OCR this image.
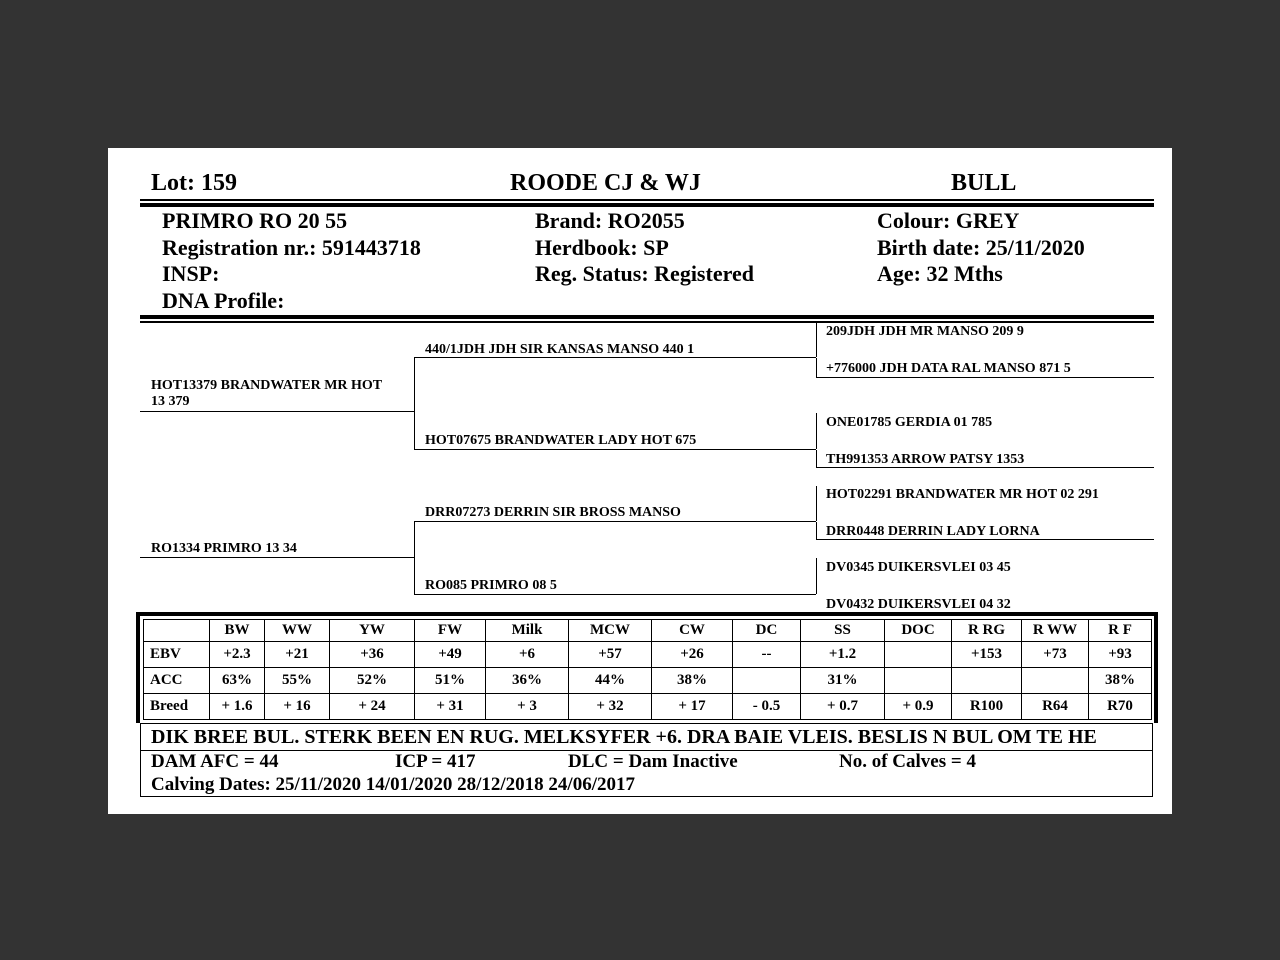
Lot: 159	ROODE CJ & WJ	BULL
PRIMRO RO 20 55
Registration nr.: 591443718
INSP:
DNA Profile:
Brand: RO2055
Herdbook: SP
Reg. Status: Registered
Colour: GREY
Birth date: 25/11/2020
Age: 32 Mths
HOT13379 BRANDWATER MR HOT 13 379
RO1334 PRIMRO 13 34
440/1JDH JDH SIR KANSAS MANSO 440 1
HOT07675 BRANDWATER LADY HOT 675
DRR07273 DERRIN SIR BROSS MANSO
RO085 PRIMRO 08 5
209JDH JDH MR MANSO 209 9
+776000 JDH DATA RAL MANSO 871 5
ONE01785 GERDIA 01 785
TH991353 ARROW PATSY 1353
HOT02291 BRANDWATER MR HOT 02 291
DRR0448 DERRIN LADY LORNA
DV0345 DUIKERSVLEI 03 45
DV0432 DUIKERSVLEI 04 32
	BW	WW	YW	FW	Milk	MCW	CW	DC	SS	DOC	R RG	R WW	R F
EBV	+2.3	+21	+36	+49	+6	+57	+26	--	+1.2		+153	+73	+93
ACC	63%	55%	52%	51%	36%	44%	38%		31%				38%
Breed	+ 1.6	+ 16	+ 24	+ 31	+ 3	+ 32	+ 17	- 0.5	+ 0.7	+ 0.9	R100	R64	R70
DIK BREE BUL. STERK BEEN EN RUG. MELKSYFER +6. DRA BAIE VLEIS. BESLIS N BUL OM TE HE
DAM AFC = 44	ICP = 417	DLC = Dam Inactive	No. of Calves = 4
Calving Dates: 25/11/2020 14/01/2020 28/12/2018 24/06/2017
